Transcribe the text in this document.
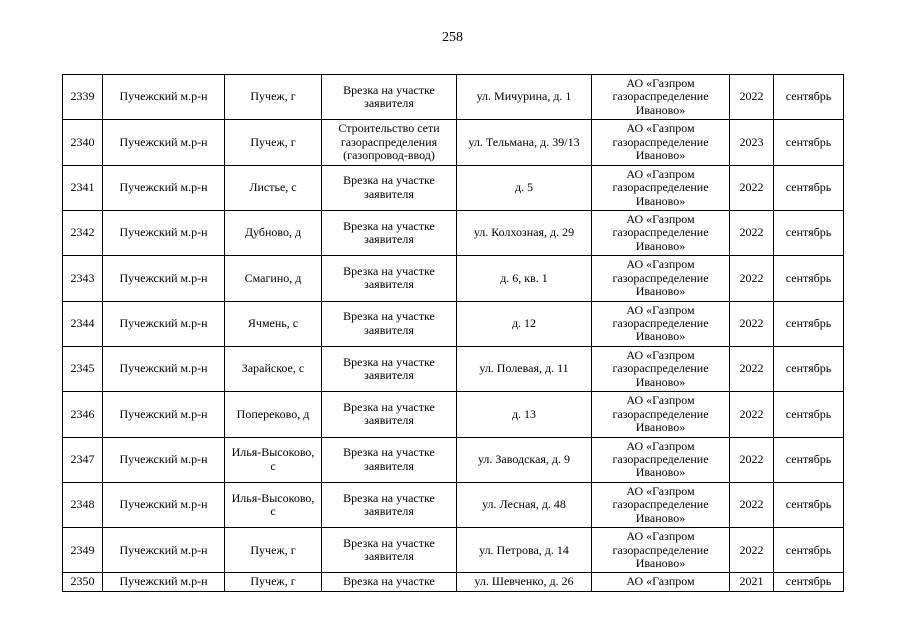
258
2339	Пучежский м.р-н	Пучеж, г	Врезка на участке заявителя	ул. Мичурина, д. 1	АО «Газпром газораспределение Иваново»	2022	сентябрь
2340	Пучежский м.р-н	Пучеж, г	Строительство сети газораспределения (газопровод-ввод)	ул. Тельмана, д. 39/13	АО «Газпром газораспределение Иваново»	2023	сентябрь
2341	Пучежский м.р-н	Листье, с	Врезка на участке заявителя	д. 5	АО «Газпром газораспределение Иваново»	2022	сентябрь
2342	Пучежский м.р-н	Дубново, д	Врезка на участке заявителя	ул. Колхозная, д. 29	АО «Газпром газораспределение Иваново»	2022	сентябрь
2343	Пучежский м.р-н	Смагино, д	Врезка на участке заявителя	д. 6, кв. 1	АО «Газпром газораспределение Иваново»	2022	сентябрь
2344	Пучежский м.р-н	Ячмень, с	Врезка на участке заявителя	д. 12	АО «Газпром газораспределение Иваново»	2022	сентябрь
2345	Пучежский м.р-н	Зарайское, с	Врезка на участке заявителя	ул. Полевая, д. 11	АО «Газпром газораспределение Иваново»	2022	сентябрь
2346	Пучежский м.р-н	Попереково, д	Врезка на участке заявителя	д. 13	АО «Газпром газораспределение Иваново»	2022	сентябрь
2347	Пучежский м.р-н	Илья-Высоково, с	Врезка на участке заявителя	ул. Заводская, д. 9	АО «Газпром газораспределение Иваново»	2022	сентябрь
2348	Пучежский м.р-н	Илья-Высоково, с	Врезка на участке заявителя	ул. Лесная, д. 48	АО «Газпром газораспределение Иваново»	2022	сентябрь
2349	Пучежский м.р-н	Пучеж, г	Врезка на участке заявителя	ул. Петрова, д. 14	АО «Газпром газораспределение Иваново»	2022	сентябрь
2350	Пучежский м.р-н	Пучеж, г	Врезка на участке	ул. Шевченко, д. 26	АО «Газпром	2021	сентябрь
